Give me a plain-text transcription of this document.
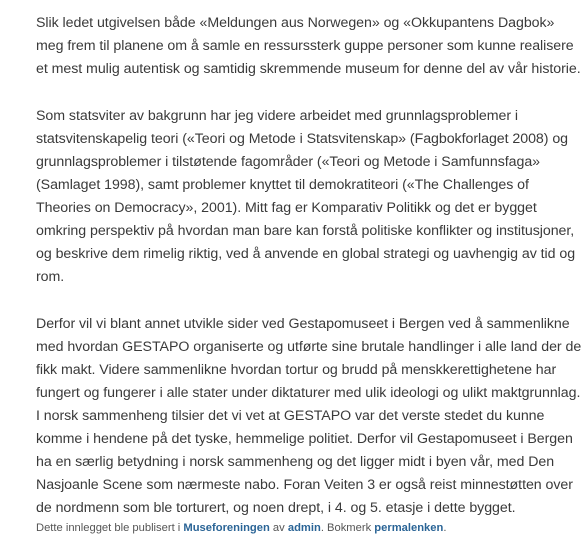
Slik ledet utgivelsen både «Meldungen aus Norwegen» og «Okkupantens Dagbok»
meg frem til planene om å samle en ressurssterk guppe personer som kunne realisere
et mest mulig autentisk og samtidig skremmende museum for denne del av vår historie.

Som statsviter av bakgrunn har jeg videre arbeidet med grunnlagsproblemer i
statsvitenskapelig teori («Teori og Metode i Statsvitenskap» (Fagbokforlaget 2008) og
grunnlagsproblemer i tilstøtende fagområder («Teori og Metode i Samfunnsfaga»
(Samlaget 1998), samt problemer knyttet til demokratiteori («The Challenges of
Theories on Democracy», 2001). Mitt fag er Komparativ Politikk og det er bygget
omkring perspektiv på hvordan man bare kan forstå politiske konflikter og institusjoner,
og beskrive dem rimelig riktig, ved å anvende en global strategi og uavhengig av tid og
rom.

Derfor vil vi blant annet utvikle sider ved Gestapomuseet i Bergen ved å sammenlikne
med hvordan GESTAPO organiserte og utførte sine brutale handlinger i alle land der de
fikk makt. Videre sammenlikne hvordan tortur og brudd på menskkerettighetene har
fungert og fungerer i alle stater under diktaturer med ulik ideologi og ulikt maktgrunnlag.
I norsk sammenheng tilsier det vi vet at GESTAPO var det verste stedet du kunne
komme i hendene på det tyske, hemmelige politiet. Derfor vil Gestapomuseet i Bergen
ha en særlig betydning i norsk sammenheng og det ligger midt i byen vår, med Den
Nasjoanle Scene som nærmeste nabo. Foran Veiten 3 er også reist minnestøtten over
de nordmenn som ble torturert, og noen drept, i 4. og 5. etasje i dette bygget.

Dette innlegget ble publisert i Museforeningen av admin. Bokmerk permalenken.
